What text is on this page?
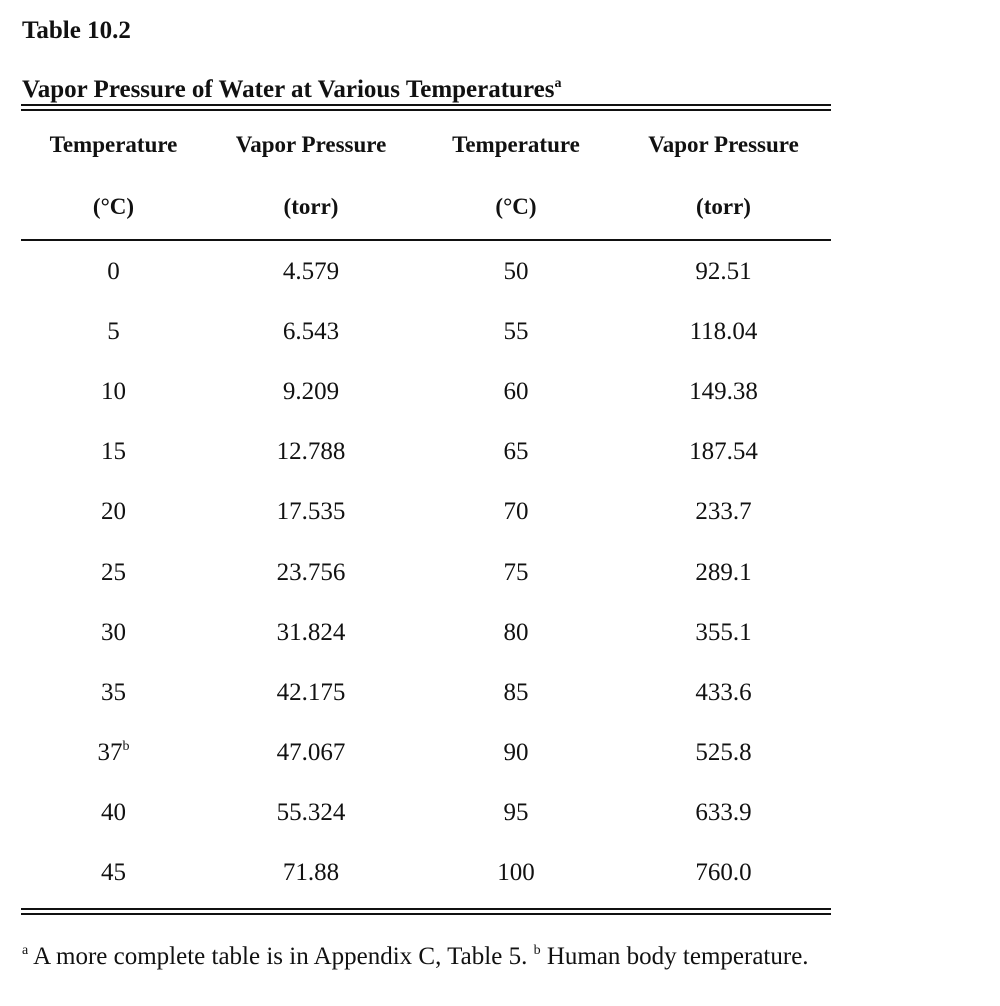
Table 10.2
Vapor Pressure of Water at Various Temperatures$^a$
Temperature	Vapor Pressure	Temperature	Vapor Pressure
(°C)	(torr)	(°C)	(torr)
0	4.579	50	92.51
5	6.543	55	118.04
10	9.209	60	149.38
15	12.788	65	187.54
20	17.535	70	233.7
25	23.756	75	289.1
30	31.824	80	355.1
35	42.175	85	433.6
37$^b$	47.067	90	525.8
40	55.324	95	633.9
45	71.88	100	760.0
$^a$ A more complete table is in Appendix C, Table 5. $^b$ Human body temperature.
